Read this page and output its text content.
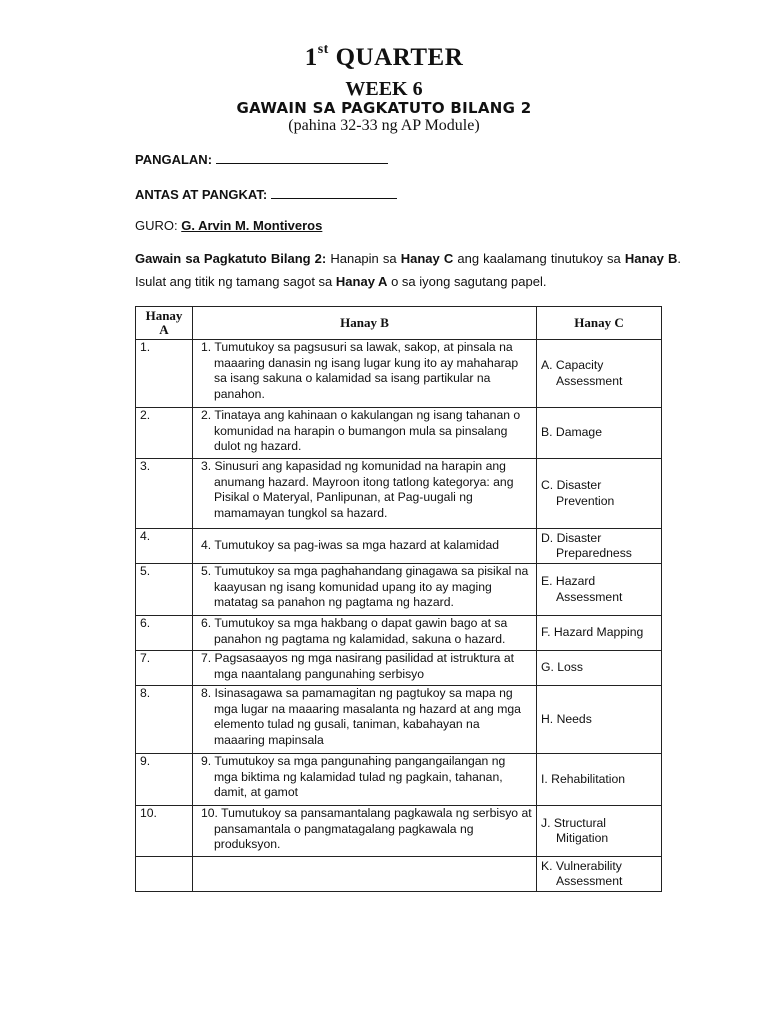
1st QUARTER
WEEK 6
GAWAIN SA PAGKATUTO BILANG 2
(pahina 32-33 ng AP Module)
PANGALAN:
ANTAS AT PANGKAT:
GURO: G. Arvin M. Montiveros
Gawain sa Pagkatuto Bilang 2: Hanapin sa Hanay C ang kaalamang tinutukoy sa Hanay B. Isulat ang titik ng tamang sagot sa Hanay A o sa iyong sagutang papel.
Hanay A	Hanay B	Hanay C
1.	1. Tumutukoy sa pagsusuri sa lawak, sakop, at pinsala na maaaring danasin ng isang lugar kung ito ay mahaharap sa isang sakuna o kalamidad sa isang partikular na panahon.	A. Capacity Assessment

2.	2. Tinataya ang kahinaan o kakulangan ng isang tahanan o komunidad na harapin o bumangon mula sa pinsalang dulot ng hazard.	B. Damage

3.	3. Sinusuri ang kapasidad ng komunidad na harapin ang anumang hazard. Mayroon itong tatlong kategorya: ang Pisikal o Materyal, Panlipunan, at Pag-uugali ng mamamayan tungkol sa hazard.	C. Disaster Prevention

4.	4. Tumutukoy sa pag-iwas sa mga hazard at kalamidad	D. Disaster Preparedness

5.	5. Tumutukoy sa mga paghahandang ginagawa sa pisikal na kaayusan ng isang komunidad upang ito ay maging matatag sa panahon ng pagtama ng hazard.	E. Hazard Assessment

6.	6. Tumutukoy sa mga hakbang o dapat gawin bago at sa panahon ng pagtama ng kalamidad, sakuna o hazard.	F. Hazard Mapping

7.	7. Pagsasaayos ng mga nasirang pasilidad at istruktura at mga naantalang pangunahing serbisyo	G. Loss

8.	8. Isinasagawa sa pamamagitan ng pagtukoy sa mapa ng mga lugar na maaaring masalanta ng hazard at ang mga elemento tulad ng gusali, taniman, kabahayan na maaaring mapinsala	H. Needs

9.	9. Tumutukoy sa mga pangunahing pangangailangan ng mga biktima ng kalamidad tulad ng pagkain, tahanan, damit, at gamot	I. Rehabilitation

10.	10. Tumutukoy sa pansamantalang pagkawala ng serbisyo at pansamantala o pangmatagalang pagkawala ng produksyon.	J. Structural Mitigation

		K. Vulnerability Assessment
